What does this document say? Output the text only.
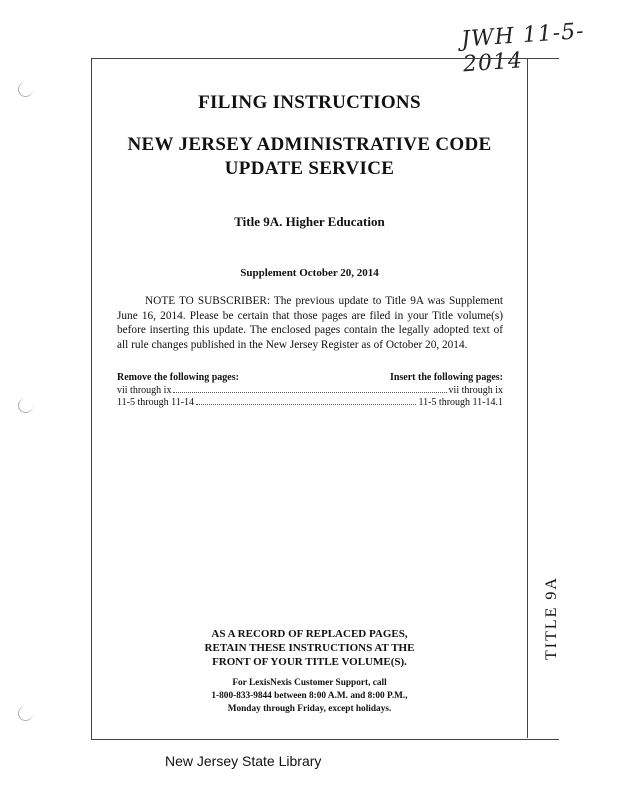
JWH 11-5-2014
TITLE 9A
FILING INSTRUCTIONS
NEW JERSEY ADMINISTRATIVE CODE
UPDATE SERVICE
Title 9A. Higher Education
Supplement October 20, 2014
NOTE TO SUBSCRIBER: The previous update to Title 9A was Supplement June 16, 2014. Please be certain that those pages are filed in your Title volume(s) before inserting this update. The enclosed pages contain the legally adopted text of all rule changes published in the New Jersey Register as of October 20, 2014.
Remove the following pages:	Insert the following pages:
vii through ix	vii through ix
11-5 through 11-14	11-5 through 11-14.1
AS A RECORD OF REPLACED PAGES,
RETAIN THESE INSTRUCTIONS AT THE
FRONT OF YOUR TITLE VOLUME(S).
For LexisNexis Customer Support, call
1-800-833-9844 between 8:00 A.M. and 8:00 P.M.,
Monday through Friday, except holidays.
New Jersey State Library
